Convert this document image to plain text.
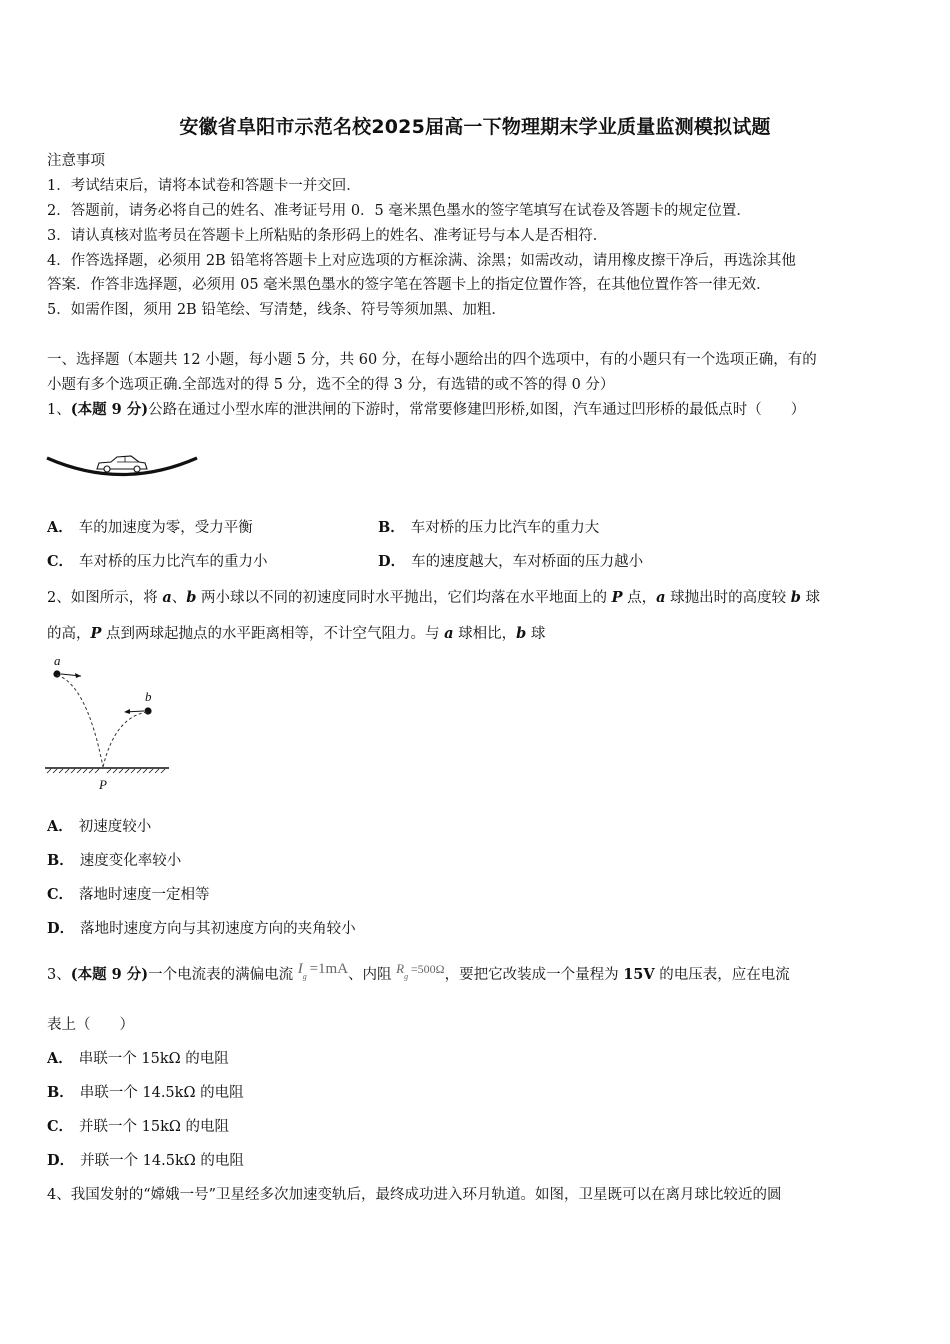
安徽省阜阳市示范名校2025届高一下物理期末学业质量监测模拟试题
注意事项
1．考试结束后，请将本试卷和答题卡一并交回．
2．答题前，请务必将自己的姓名、准考证号用 0．5 毫米黑色墨水的签字笔填写在试卷及答题卡的规定位置．
3．请认真核对监考员在答题卡上所粘贴的条形码上的姓名、准考证号与本人是否相符．
4．作答选择题，必须用 2B 铅笔将答题卡上对应选项的方框涂满、涂黑；如需改动，请用橡皮擦干净后，再选涂其他
答案．作答非选择题，必须用 05 毫米黑色墨水的签字笔在答题卡上的指定位置作答，在其他位置作答一律无效．
5．如需作图，须用 2B 铅笔绘、写清楚，线条、符号等须加黑、加粗．
一、选择题（本题共 12 小题，每小题 5 分，共 60 分，在每小题给出的四个选项中，有的小题只有一个选项正确，有的
小题有多个选项正确.全部选对的得 5 分，选不全的得 3 分，有选错的或不答的得 0 分）
1、(本题 9 分)公路在通过小型水库的泄洪闸的下游时，常常要修建凹形桥,如图，汽车通过凹形桥的最低点时（　　）
A． 车的加速度为零，受力平衡	B． 车对桥的压力比汽车的重力大
C． 车对桥的压力比汽车的重力小	D． 车的速度越大，车对桥面的压力越小
2、如图所示，将 a、b 两小球以不同的初速度同时水平抛出，它们均落在水平地面上的 P 点，a 球抛出时的高度较 b 球
的高，P 点到两球起抛点的水平距离相等，不计空气阻力。与 a 球相比，b 球
a
b
P
A． 初速度较小
B． 速度变化率较小
C． 落地时速度一定相等
D． 落地时速度方向与其初速度方向的夹角较小
3、(本题 9 分)一个电流表的满偏电流 $I_g =1mA$、内阻 $R_g =500\Omega$，要把它改装成一个量程为 15V 的电压表，应在电流
表上（　　）
A． 串联一个 15kΩ 的电阻
B． 串联一个 14.5kΩ 的电阻
C． 并联一个 15kΩ 的电阻
D． 并联一个 14.5kΩ 的电阻
4、我国发射的“嫦娥一号”卫星经多次加速变轨后，最终成功进入环月轨道。如图，卫星既可以在离月球比较近的圆
